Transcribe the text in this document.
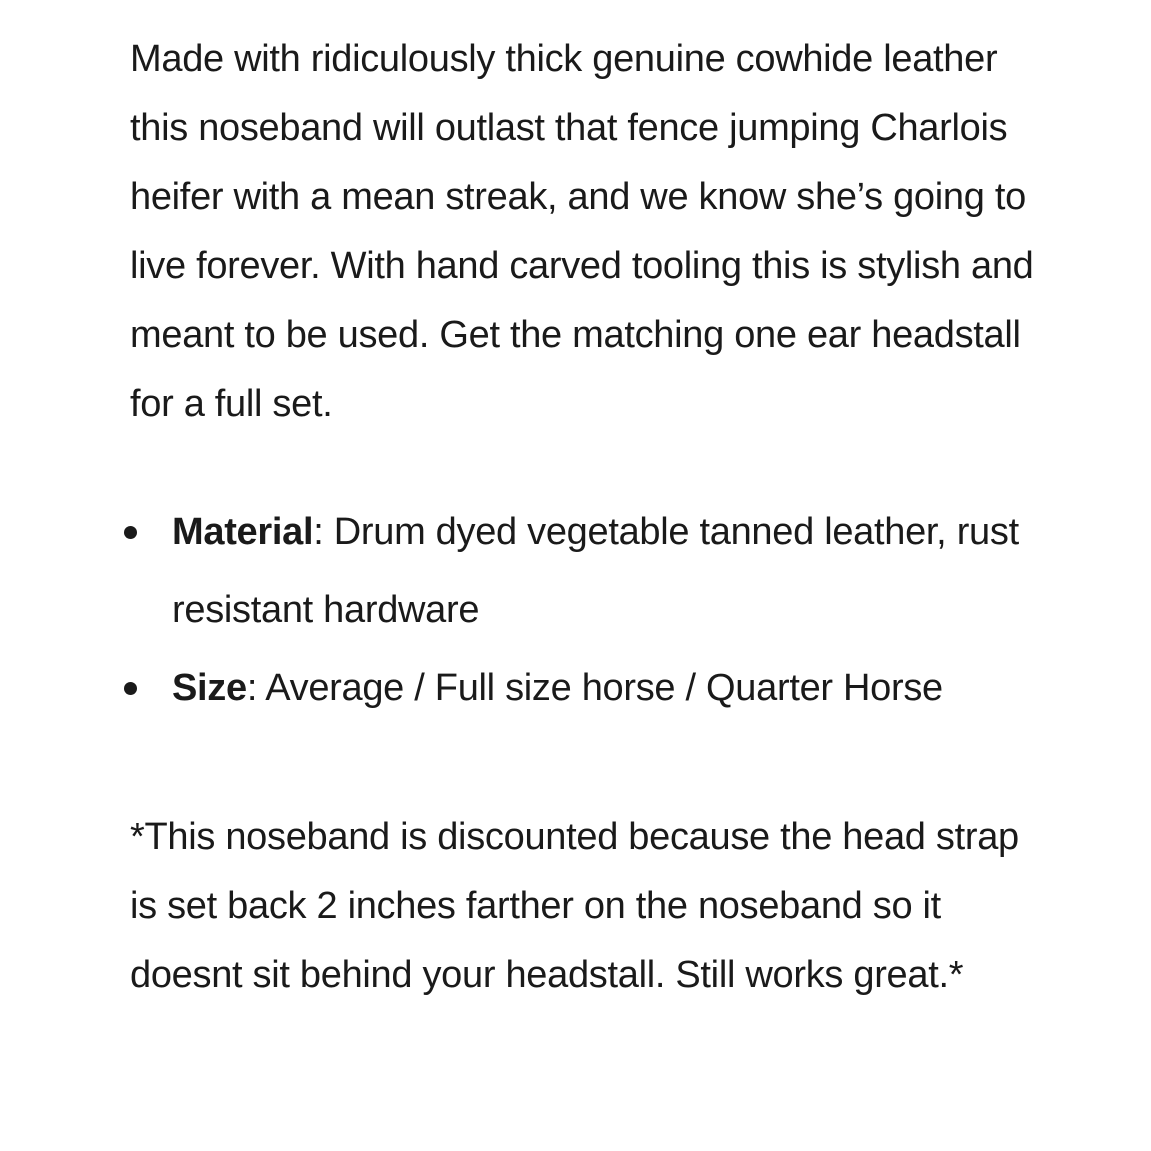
Made with ridiculously thick genuine cowhide leather this noseband will outlast that fence jumping Charlois heifer with a mean streak, and we know she’s going to live forever. With hand carved tooling this is stylish and meant to be used. Get the matching one ear headstall for a full set.

Material: Drum dyed vegetable tanned leather, rust resistant hardware
Size: Average / Full size horse / Quarter Horse

*This noseband is discounted because the head strap is set back 2 inches farther on the noseband so it doesnt sit behind your headstall. Still works great.*
